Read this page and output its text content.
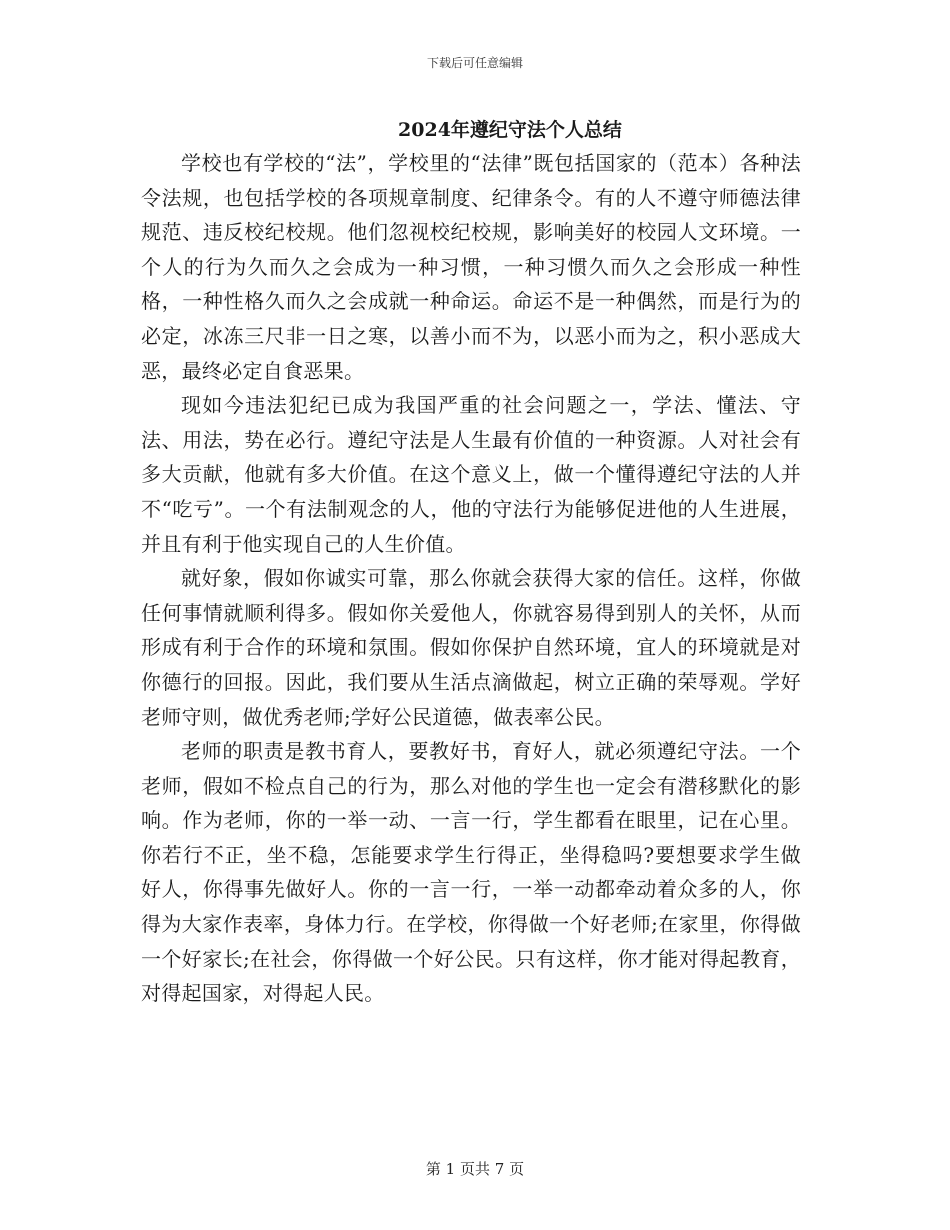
下载后可任意编辑
2024年遵纪守法个人总结

学校也有学校的“法”，学校里的“法律”既包括国家的（范本）各种法令法规，也包括学校的各项规章制度、纪律条令。有的人不遵守师德法律规范、违反校纪校规。他们忽视校纪校规，影响美好的校园人文环境。一个人的行为久而久之会成为一种习惯，一种习惯久而久之会形成一种性格，一种性格久而久之会成就一种命运。命运不是一种偶然，而是行为的必定，冰冻三尺非一日之寒，以善小而不为，以恶小而为之，积小恶成大恶，最终必定自食恶果。

现如今违法犯纪已成为我国严重的社会问题之一，学法、懂法、守法、用法，势在必行。遵纪守法是人生最有价值的一种资源。人对社会有多大贡献，他就有多大价值。在这个意义上，做一个懂得遵纪守法的人并不“吃亏”。一个有法制观念的人，他的守法行为能够促进他的人生进展，并且有利于他实现自己的人生价值。

就好象，假如你诚实可靠，那么你就会获得大家的信任。这样，你做任何事情就顺利得多。假如你关爱他人，你就容易得到别人的关怀，从而形成有利于合作的环境和氛围。假如你保护自然环境，宜人的环境就是对你德行的回报。因此，我们要从生活点滴做起，树立正确的荣辱观。学好老师守则，做优秀老师;学好公民道德，做表率公民。

老师的职责是教书育人，要教好书，育好人，就必须遵纪守法。一个老师，假如不检点自己的行为，那么对他的学生也一定会有潜移默化的影响。作为老师，你的一举一动、一言一行，学生都看在眼里，记在心里。你若行不正，坐不稳，怎能要求学生行得正，坐得稳吗?要想要求学生做好人，你得事先做好人。你的一言一行，一举一动都牵动着众多的人，你得为大家作表率，身体力行。在学校，你得做一个好老师;在家里，你得做一个好家长;在社会，你得做一个好公民。只有这样，你才能对得起教育，对得起国家，对得起人民。

第 1 页共 7 页
